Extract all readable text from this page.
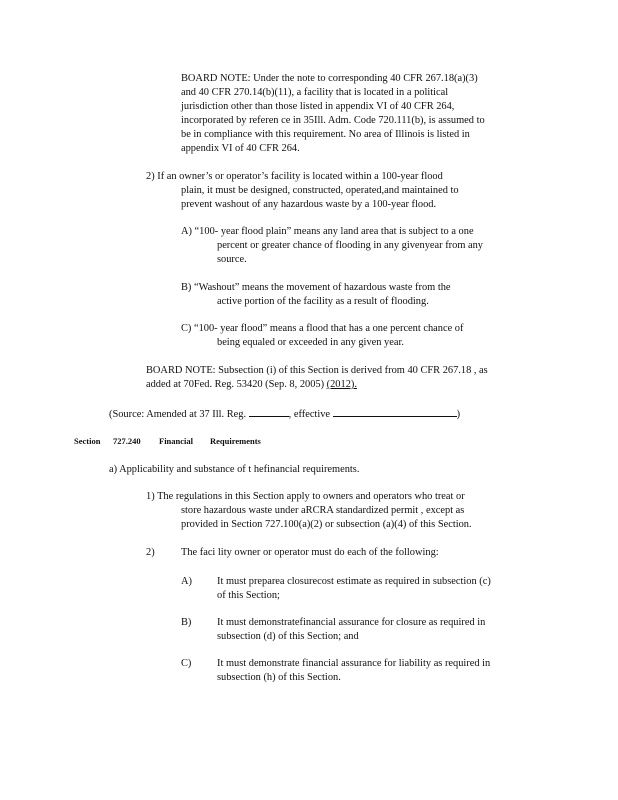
BOARD NOTE: Under the note to corresponding 40 CFR 267.18(a)(3)
and 40 CFR 270.14(b)(11), a facility that is located in a political
jurisdiction other than those listed in appendix VI of 40 CFR 264,
incorporated by referen ce in 35Ill. Adm. Code 720.111(b), is assumed to
be in compliance with this requirement. No area of Illinois is listed in
appendix VI of 40 CFR 264.
2) If an owner’s or operator’s facility is located within a 100-year flood
plain, it must be designed, constructed, operated,and maintained to
prevent washout of any hazardous waste by a 100-year flood.
A) “100- year flood plain” means any land area that is subject to a one
percent or greater chance of flooding in any givenyear from any
source.
B) “Washout” means the movement of hazardous waste from the
active portion of the facility as a result of flooding.
C) “100- year flood” means a flood that has a one percent chance of
being equaled or exceeded in any given year.
BOARD NOTE: Subsection (i) of this Section is derived from 40 CFR 267.18 , as
added at 70Fed. Reg. 53420 (Sep. 8, 2005) (2012).
(Source: Amended at 37 Ill. Reg.	, effective	)
Section 727.240 Financial Requirements
a) Applicability and substance of t hefinancial requirements.
1) The regulations in this Section apply to owners and operators who treat or
store hazardous waste under aRCRA standardized permit , except as
provided in Section 727.100(a)(2) or subsection (a)(4) of this Section.
2)	The faci lity owner or operator must do each of the following:
A) It must preparea closurecost estimate as required in subsection (c)
of this Section;
B) It must demonstratefinancial assurance for closure as required in
subsection (d) of this Section; and
C) It must demonstrate financial assurance for liability as required in
subsection (h) of this Section.
